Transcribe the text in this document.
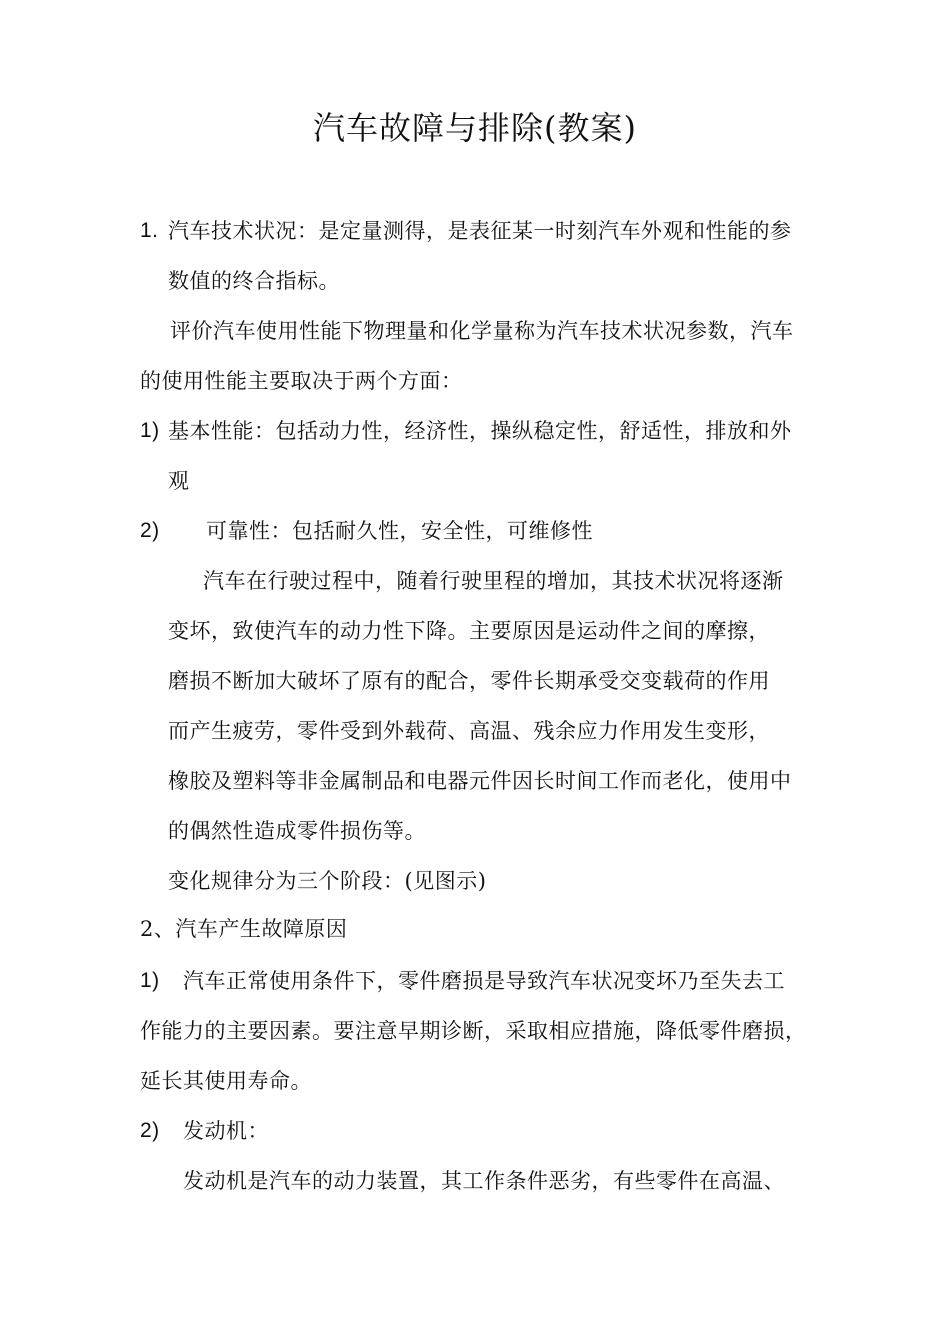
汽车故障与排除(教案)
1. 汽车技术状况：是定量测得，是表征某一时刻汽车外观和性能的参
数值的终合指标。
评价汽车使用性能下物理量和化学量称为汽车技术状况参数，汽车
的使用性能主要取决于两个方面：
1) 基本性能：包括动力性，经济性，操纵稳定性，舒适性，排放和外
观
2) 可靠性：包括耐久性，安全性，可维修性
汽车在行驶过程中，随着行驶里程的增加，其技术状况将逐渐
变坏，致使汽车的动力性下降。主要原因是运动件之间的摩擦，
磨损不断加大破坏了原有的配合，零件长期承受交变载荷的作用
而产生疲劳，零件受到外载荷、高温、残余应力作用发生变形，
橡胶及塑料等非金属制品和电器元件因长时间工作而老化，使用中
的偶然性造成零件损伤等。
变化规律分为三个阶段：(见图示)
2、汽车产生故障原因
1) 汽车正常使用条件下，零件磨损是导致汽车状况变坏乃至失去工
作能力的主要因素。要注意早期诊断，采取相应措施，降低零件磨损，
延长其使用寿命。
2) 发动机：
发动机是汽车的动力装置，其工作条件恶劣，有些零件在高温、
